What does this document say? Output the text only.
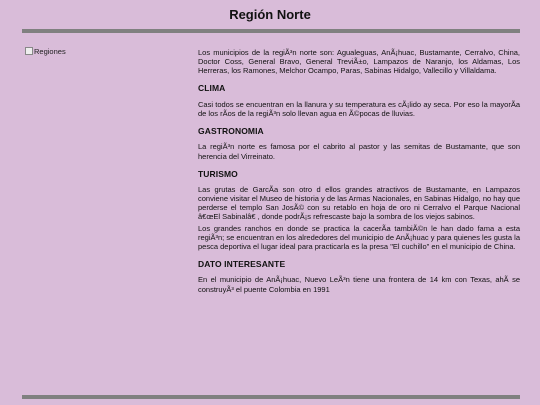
Región Norte
Regiones	Los municipios de la regiÃ³n norte son: Agualeguas, AnÃ¡huac, Bustamante, Cerralvo, China, Doctor Coss, General Bravo, General TreviÃ±o, Lampazos de Naranjo, los Aldamas, Los Herreras, los Ramones, Melchor Ocampo, Paras, Sabinas Hidalgo, Vallecillo y Villaldama.

CLIMA

Casi todos se encuentran en la llanura y su temperatura es cÃ¡lido ay seca. Por eso la mayorÃa de los rÃos de la regiÃ³n solo llevan agua en Ã©pocas de lluvias.

GASTRONOMIA

La regiÃ³n norte es famosa por el cabrito al pastor y las semitas de Bustamante, que son herencia del Virreinato.

TURISMO

Las grutas de GarcÃa son otro d ellos grandes atractivos de Bustamante, en Lampazos conviene visitar el Museo de historia y de las Armas Nacionales, en Sabinas Hidalgo, no hay que perderse el templo San JosÃ© con su retablo en hoja de oro ni Cerralvo el Parque Nacional â€œEl Sabinalâ€ , donde podrÃ¡s refrescaste bajo la sombra de los viejos sabinos.

Los grandes ranchos en donde se practica la cacerÃa tambiÃ©n le han dado fama a esta regiÃ³n; se encuentran en los alrededores del municipio de AnÃ¡huac y para quienes les gusta la pesca deportiva el lugar ideal para practicarla es la presa "El cuchillo" en el municipio de China.

DATO INTERESANTE

En el municipio de AnÃ¡huac, Nuevo LeÃ³n tiene una frontera de 14 km con Texas, ahÃ se construyÃ³ el puente Colombia en 1991
